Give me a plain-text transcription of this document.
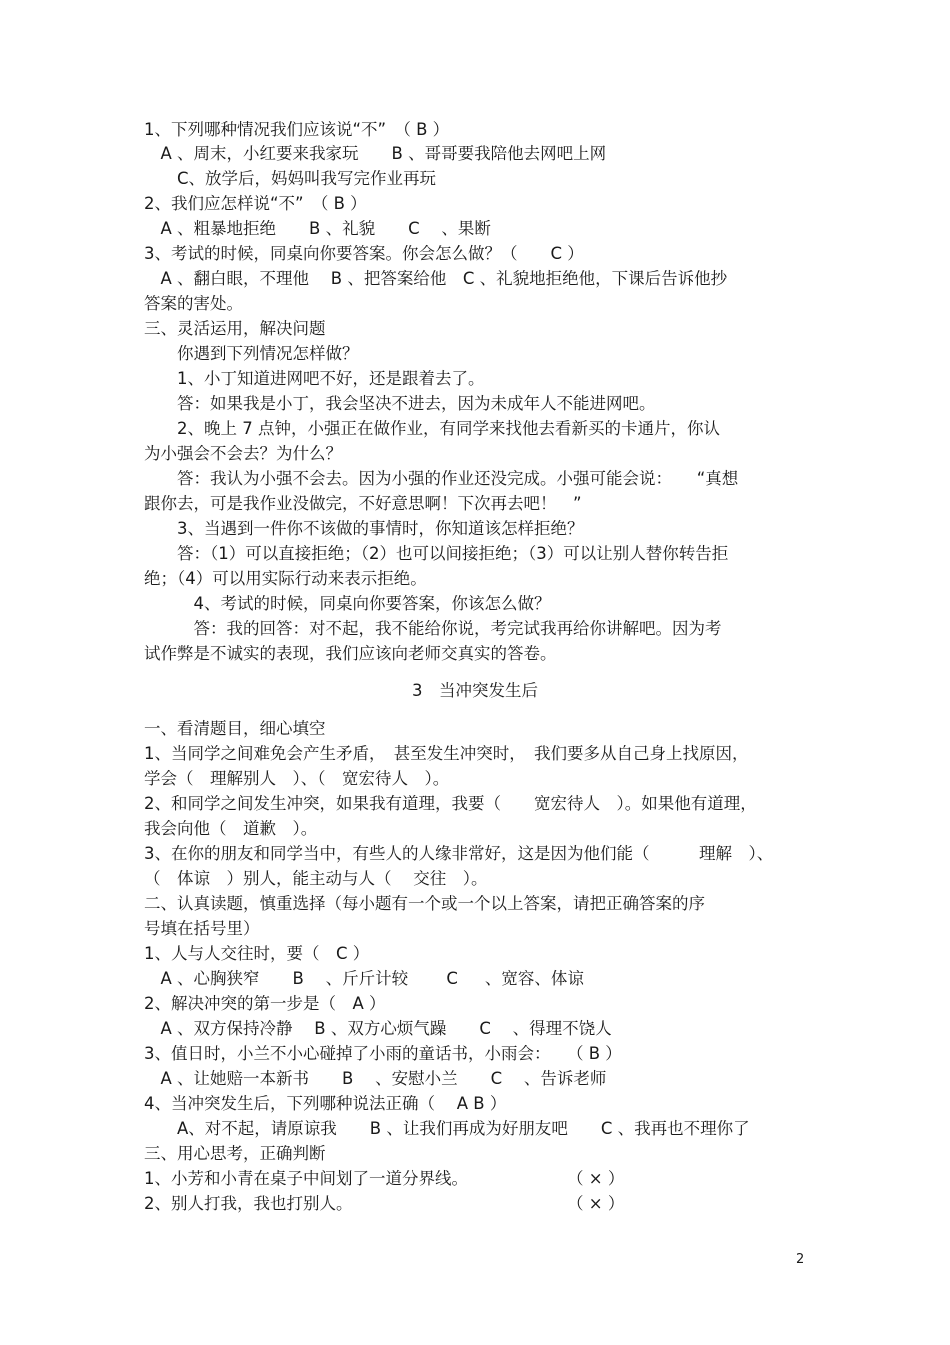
1、下列哪种情况我们应该说“不”　（ B ）
　A 、周末，小红要来我家玩　　B 、哥哥要我陪他去网吧上网
　　C、放学后，妈妈叫我写完作业再玩
2、我们应怎样说“不”　（ B ）
　A 、粗暴地拒绝　　B 、礼貌　　C 　、果断
3、考试的时候，同桌向你要答案。你会怎么做？（　　C ）
　A 、翻白眼，不理他　 B 、把答案给他　C 、礼貌地拒绝他，下课后告诉他抄
答案的害处。
三、灵活运用，解决问题
　　你遇到下列情况怎样做？
　　1、小丁知道进网吧不好，还是跟着去了。
　　答：如果我是小丁，我会坚决不进去，因为未成年人不能进网吧。
　　2、晚上 7 点钟，小强正在做作业，有同学来找他去看新买的卡通片，你认
为小强会不会去？为什么？
　　答：我认为小强不会去。因为小强的作业还没完成。小强可能会说：　　“真想
跟你去，可是我作业没做完，不好意思啊！下次再去吧！　”
　　3、当遇到一件你不该做的事情时，你知道该怎样拒绝？
　　答：（1）可以直接拒绝；（2）也可以间接拒绝；（3）可以让别人替你转告拒
绝；（4）可以用实际行动来表示拒绝。
　　　4、考试的时候，同桌向你要答案，你该怎么做？
　　　答：我的回答：对不起，我不能给你说，考完试我再给你讲解吧。因为考
试作弊是不诚实的表现，我们应该向老师交真实的答卷。
3　当冲突发生后
一、看清题目，细心填空
1、当同学之间难免会产生矛盾，　甚至发生冲突时，　我们要多从自己身上找原因，
学会（　理解别人　）、（　宽宏待人　）。
2、和同学之间发生冲突，如果我有道理，我要（　　宽宏待人　）。如果他有道理，
我会向他（　道歉　）。
3、在你的朋友和同学当中，有些人的人缘非常好，这是因为他们能（　　　理解　）、
（　体谅　）别人，能主动与人（　 交往　）。
二、认真读题，慎重选择（每小题有一个或一个以上答案，请把正确答案的序
号填在括号里）
1、人与人交往时，要（　C ）
　A 、心胸狭窄　　B 　、斤斤计较　　 C 　 、宽容、体谅
2、解决冲突的第一步是（　A ）
　A 、双方保持冷静　 B 、双方心烦气躁　　C 　、得理不饶人
3、值日时，小兰不小心碰掉了小雨的童话书，小雨会：　　（ B ）
　A 、让她赔一本新书　　B 　、安慰小兰　　C 　、告诉老师
4、当冲突发生后，下列哪种说法正确（　 A B ）
　　A、对不起，请原谅我　　B 、让我们再成为好朋友吧　　C 、我再也不理你了
三、用心思考，正确判断
1、小芳和小青在桌子中间划了一道分界线。　　　　　　　（ × ）
2、别人打我，我也打别人。　　　　　　　　　　　　　　（ × ）
2
